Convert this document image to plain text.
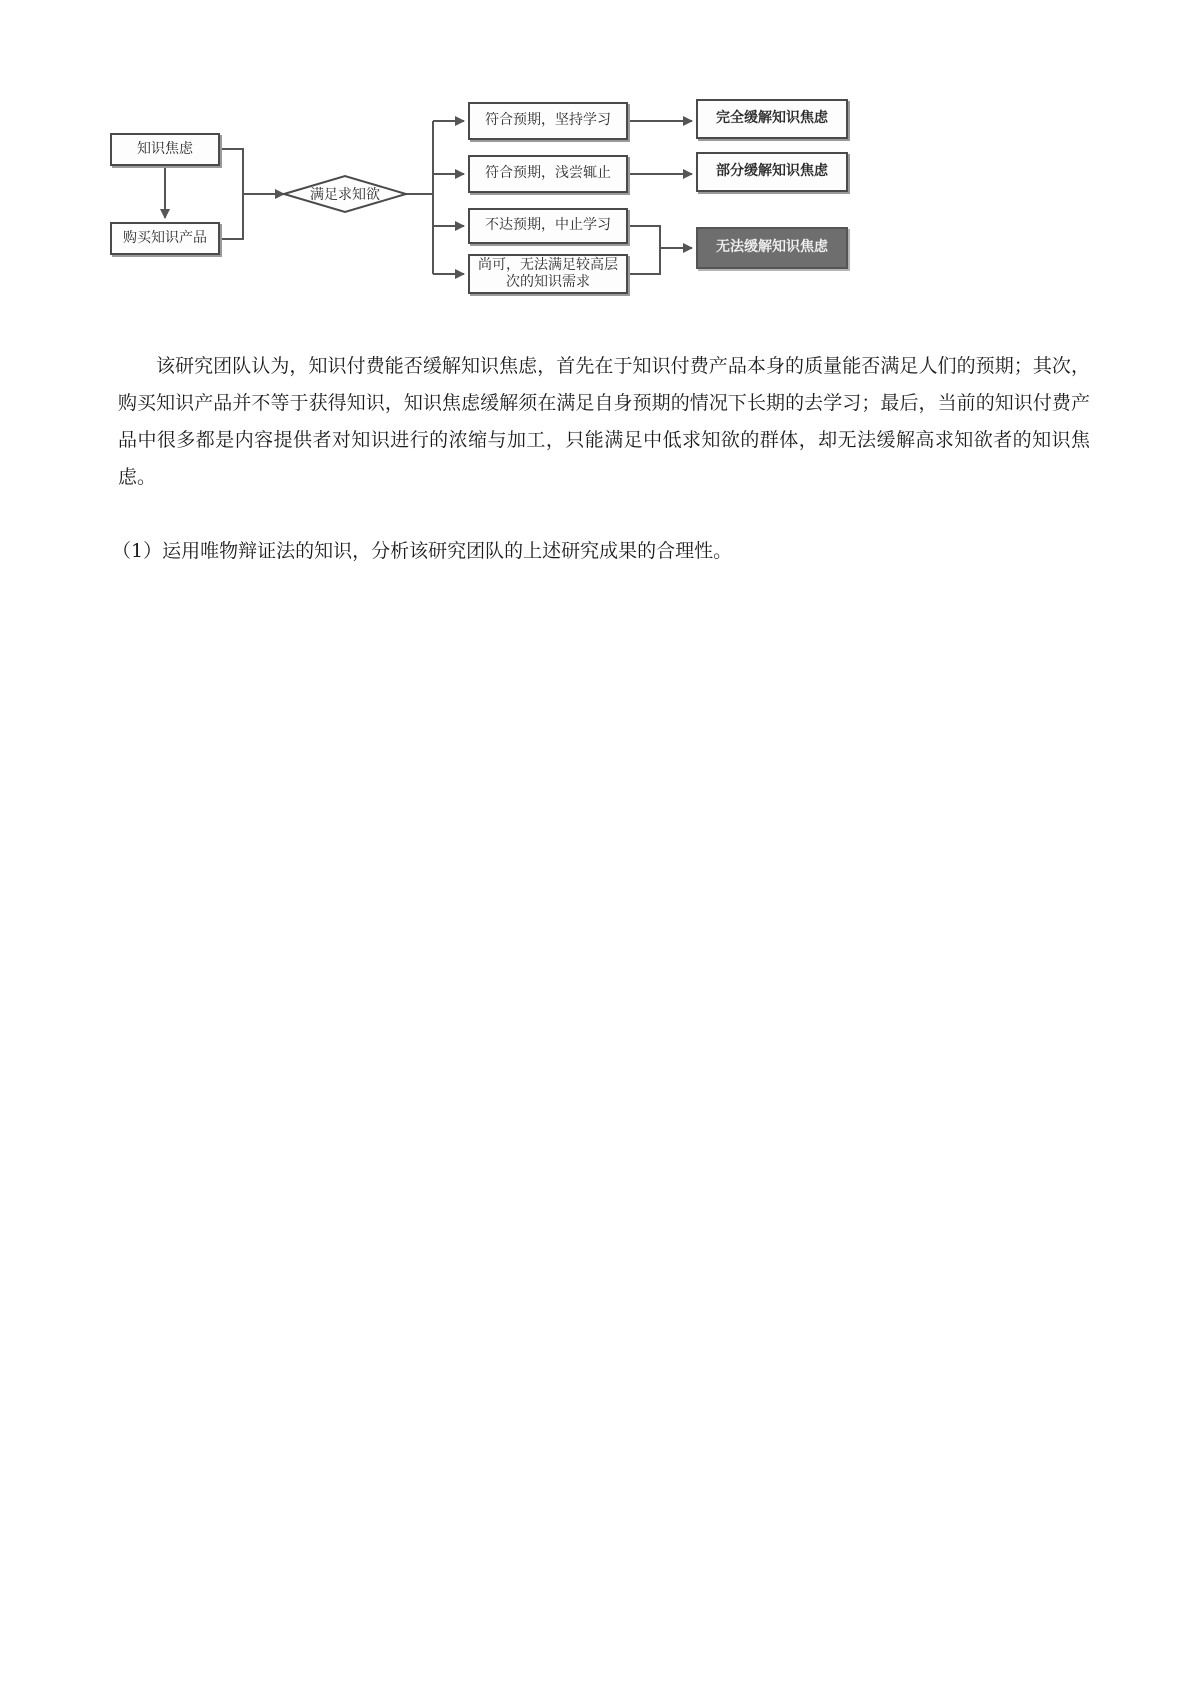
满足求知欲
知识焦虑
购买知识产品
符合预期，坚持学习
符合预期，浅尝辄止
不达预期，中止学习
尚可，无法满足较高层
次的知识需求
完全缓解知识焦虑
部分缓解知识焦虑
无法缓解知识焦虑

该研究团队认为，知识付费能否缓解知识焦虑，首先在于知识付费产品本身的质量能否满足人们的预期；其次，购买知识产品并不等于获得知识，知识焦虑缓解须在满足自身预期的情况下长期的去学习；最后，当前的知识付费产品中很多都是内容提供者对知识进行的浓缩与加工，只能满足中低求知欲的群体，却无法缓解高求知欲者的知识焦虑。

（1）运用唯物辩证法的知识，分析该研究团队的上述研究成果的合理性。
